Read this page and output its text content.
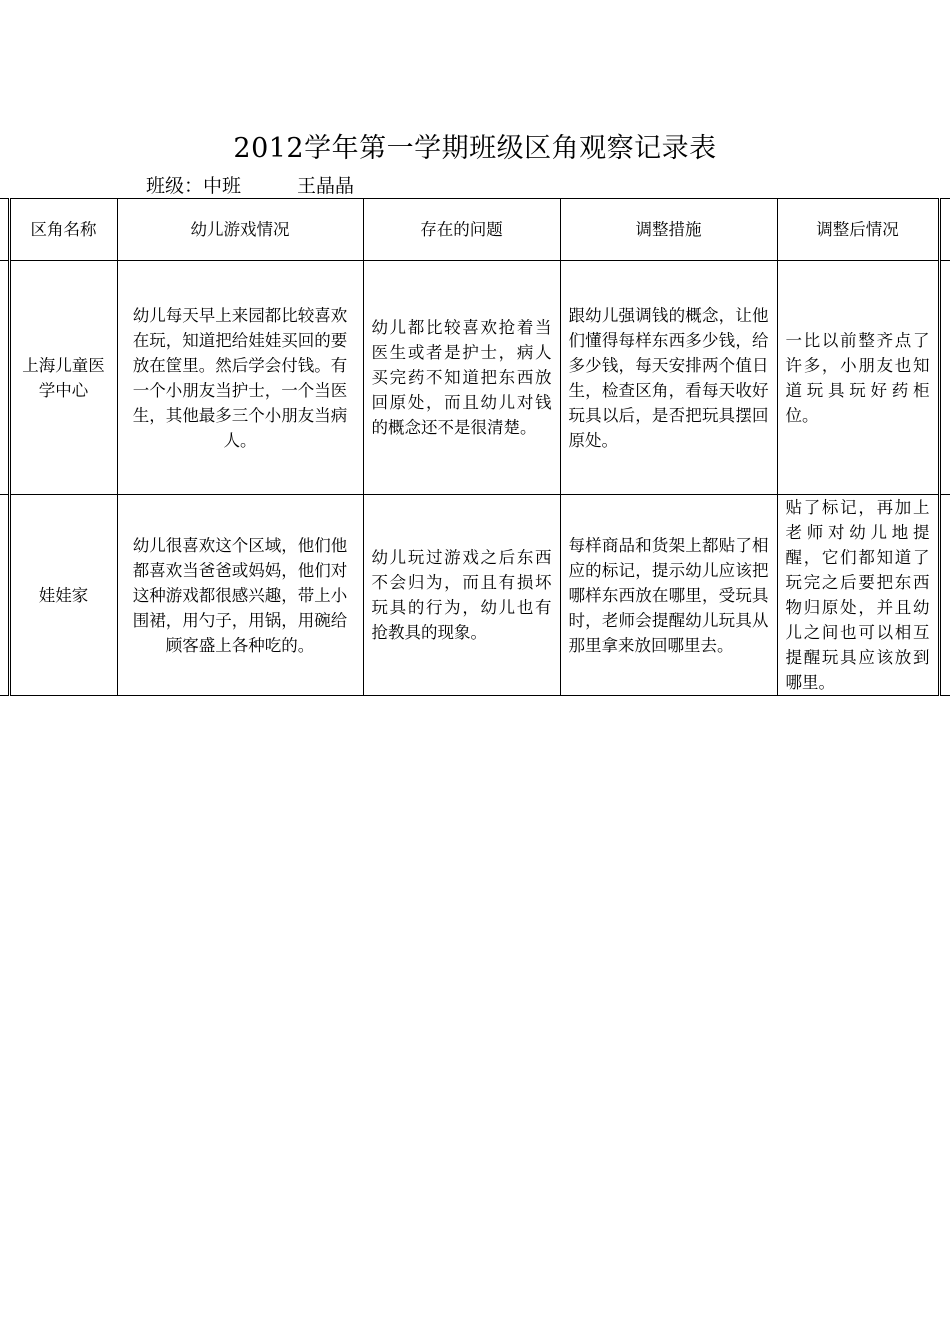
2012学年第一学期班级区角观察记录表
班级：中班	王晶晶
	区角名称	幼儿游戏情况	存在的问题	调整措施	调整后情况	
	上海儿童医学中心	幼儿每天早上来园都比较喜欢在玩，知道把给娃娃买回的要放在筐里。然后学会付钱。有一个小朋友当护士，一个当医生，其他最多三个小朋友当病人。	幼儿都比较喜欢抢着当医生或者是护士，病人买完药不知道把东西放回原处，而且幼儿对钱的概念还不是很清楚。	跟幼儿强调钱的概念，让他们懂得每样东西多少钱，给多少钱，每天安排两个值日生，检查区角，看每天收好玩具以后，是否把玩具摆回原处。	一比以前整齐点了许多，小朋友也知道玩具玩好药柜位。	
	娃娃家	幼儿很喜欢这个区域，他们他都喜欢当爸爸或妈妈，他们对这种游戏都很感兴趣，带上小围裙，用勺子，用锅，用碗给顾客盛上各种吃的。	幼儿玩过游戏之后东西不会归为，而且有损坏玩具的行为，幼儿也有抢教具的现象。	每样商品和货架上都贴了相应的标记，提示幼儿应该把哪样东西放在哪里，受玩具时，老师会提醒幼儿玩具从那里拿来放回哪里去。	贴了标记，再加上老师对幼儿地提醒，它们都知道了玩完之后要把东西物归原处，并且幼儿之间也可以相互提醒玩具应该放到哪里。	
